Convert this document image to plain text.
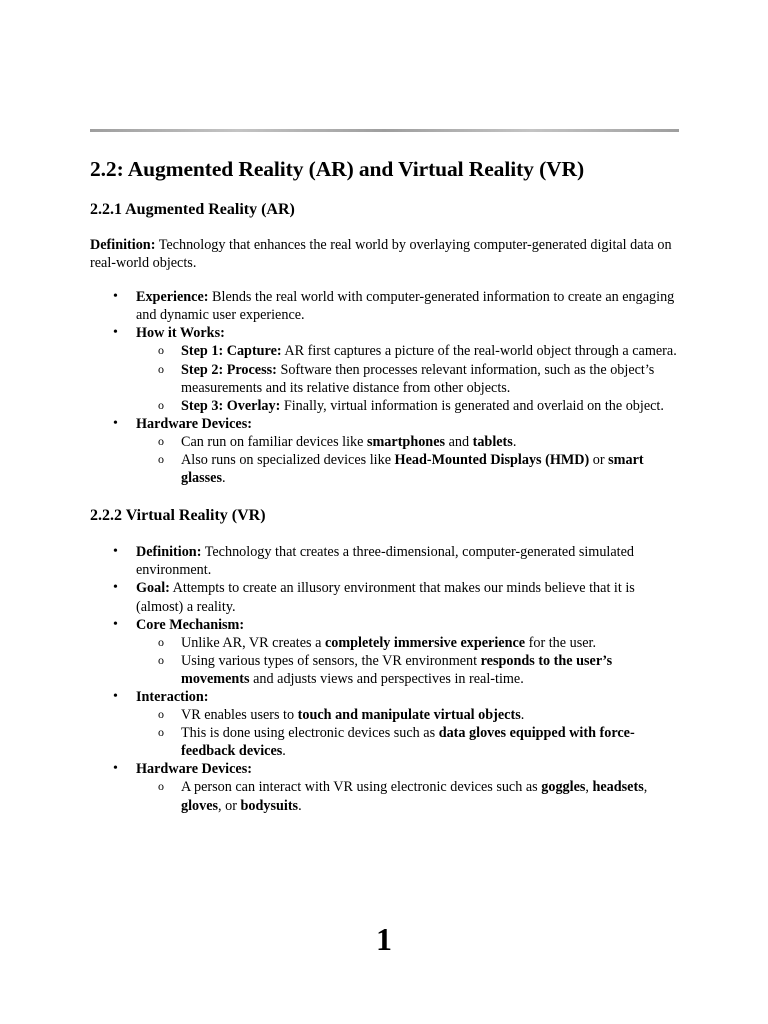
2.2: Augmented Reality (AR) and Virtual Reality (VR)
2.2.1 Augmented Reality (AR)

Definition: Technology that enhances the real world by overlaying computer-generated digital data on real-world objects.

• Experience: Blends the real world with computer-generated information to create an engaging and dynamic user experience.
• How it Works:
o Step 1: Capture: AR first captures a picture of the real-world object through a camera.
o Step 2: Process: Software then processes relevant information, such as the object’s measurements and its relative distance from other objects.
o Step 3: Overlay: Finally, virtual information is generated and overlaid on the object.
• Hardware Devices:
o Can run on familiar devices like smartphones and tablets.
o Also runs on specialized devices like Head-Mounted Displays (HMD) or smart glasses.
2.2.2 Virtual Reality (VR)
• Definition: Technology that creates a three-dimensional, computer-generated simulated environment.
• Goal: Attempts to create an illusory environment that makes our minds believe that it is (almost) a reality.
• Core Mechanism:
o Unlike AR, VR creates a completely immersive experience for the user.
o Using various types of sensors, the VR environment responds to the user’s movements and adjusts views and perspectives in real-time.
• Interaction:
o VR enables users to touch and manipulate virtual objects.
o This is done using electronic devices such as data gloves equipped with force-feedback devices.
• Hardware Devices:
o A person can interact with VR using electronic devices such as goggles, headsets, gloves, or bodysuits.
1
